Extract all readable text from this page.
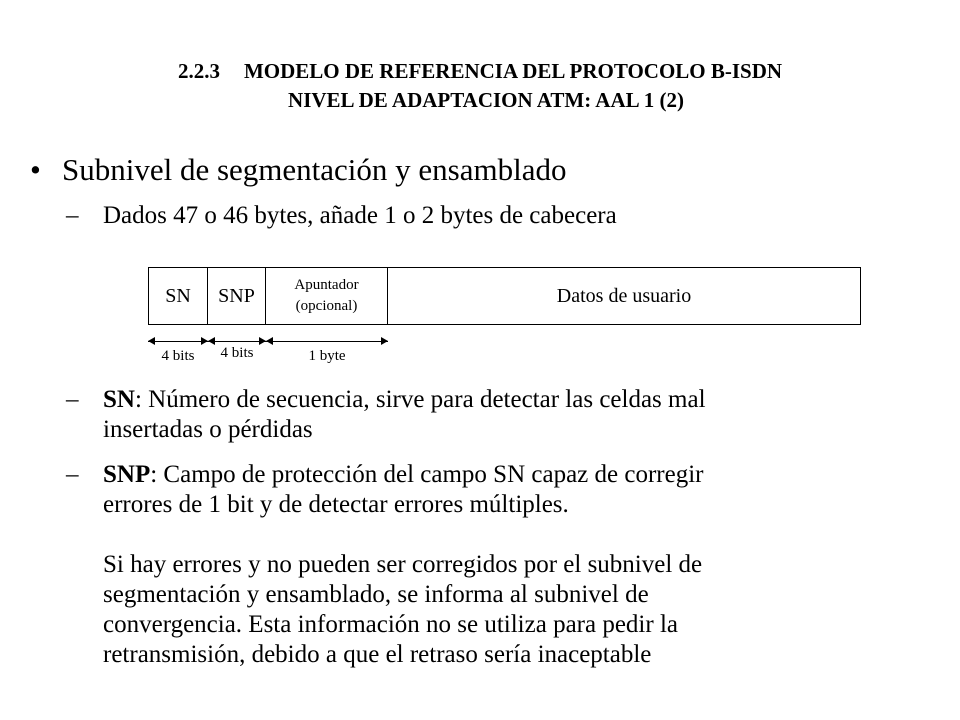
2.2.3 MODELO DE REFERENCIA DEL PROTOCOLO B-ISDN
NIVEL DE ADAPTACION ATM: AAL 1 (2)
• Subnivel de segmentación y ensamblado
– Dados 47 o 46 bytes, añade 1 o 2 bytes de cabecera
SN	SNP	Apuntador
(opcional)	Datos de usuario
4 bits	4 bits	1 byte
– SN: Número de secuencia, sirve para detectar las celdas mal
insertadas o pérdidas
– SNP: Campo de protección del campo SN capaz de corregir
errores de 1 bit y de detectar errores múltiples.
Si hay errores y no pueden ser corregidos por el subnivel de
segmentación y ensamblado, se informa al subnivel de
convergencia. Esta información no se utiliza para pedir la
retransmisión, debido a que el retraso sería inaceptable
